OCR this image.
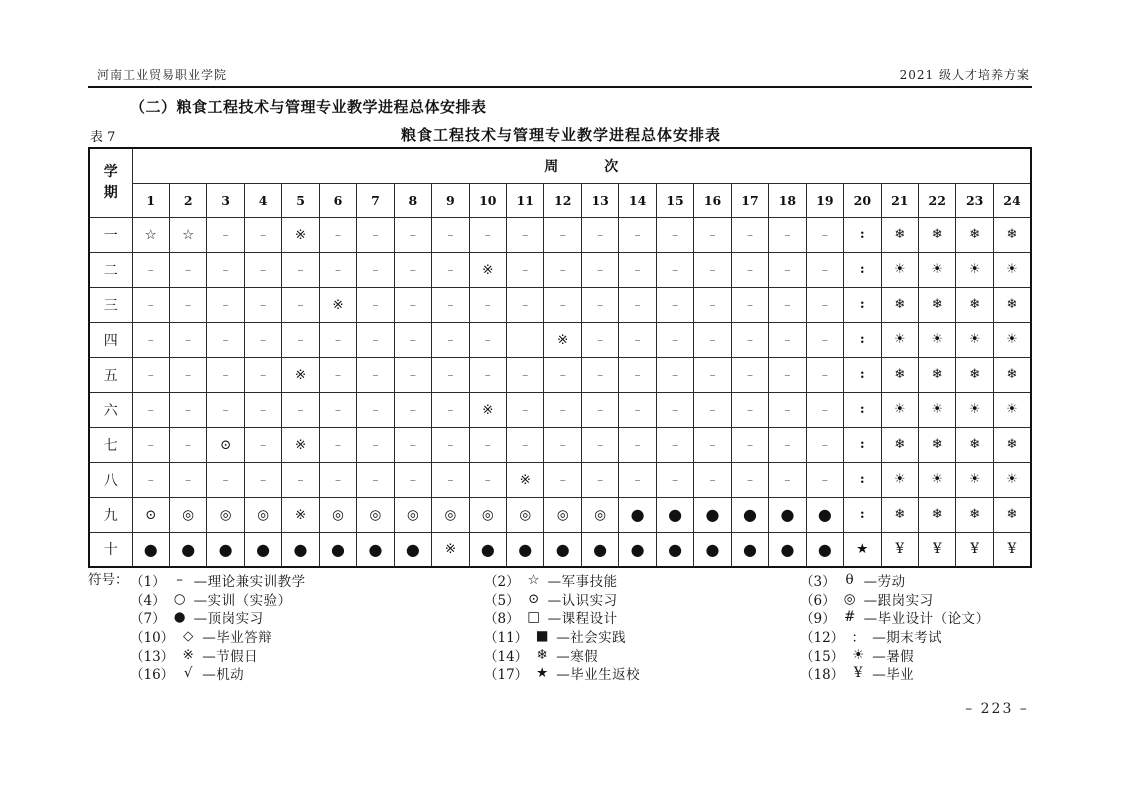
河南工业贸易职业学院	2021 级人才培养方案
（二）粮食工程技术与管理专业教学进程总体安排表
表 7	粮食工程技术与管理专业教学进程总体安排表
学期	周次																							
	1	2	3	4	5	6	7	8	9	10	11	12	13	14	15	16	17	18	19	20	21	22	23	24
一	☆	☆	–	–	※	–	–	–	–	–	–	–	–	–	–	–	–	–	–	:	❄	❄	❄	❄
二	–	–	–	–	–	–	–	–	–	※	–	–	–	–	–	–	–	–	–	:	☀	☀	☀	☀
三	–	–	–	–	–	※	–	–	–	–	–	–	–	–	–	–	–	–	–	:	❄	❄	❄	❄
四	–	–	–	–	–	–	–	–	–	–		※	–	–	–	–	–	–	–	:	☀	☀	☀	☀
五	–	–	–	–	※	–	–	–	–	–	–	–	–	–	–	–	–	–	–	:	❄	❄	❄	❄
六	–	–	–	–	–	–	–	–	–	※	–	–	–	–	–	–	–	–	–	:	☀	☀	☀	☀
七	–	–	⊙	–	※	–	–	–	–	–	–	–	–	–	–	–	–	–	–	:	❄	❄	❄	❄
八	–	–	–	–	–	–	–	–	–	–	※	–	–	–	–	–	–	–	–	:	☀	☀	☀	☀
九	⊙	◎	◎	◎	※	◎	◎	◎	◎	◎	◎	◎	◎	●	●	●	●	●	●	:	❄	❄	❄	❄
十	●	●	●	●	●	●	●	●	※	●	●	●	●	●	●	●	●	●	●	★	¥	¥	¥	¥
符号： （1） – —理论兼实训教学	（2） ☆ —军事技能	（3） θ —劳动
（4） ○ —实训（实验）	（5） ⊙ —认识实习	（6） ◎ —跟岗实习
（7） ● —顶岗实习	（8） □ —课程设计	（9） # —毕业设计（论文）
（10） ◇ —毕业答辩	（11） ■ —社会实践	（12） ： —期末考试
（13） ※ —节假日	（14） ❄ —寒假	（15） ☀ —暑假
（16） √ —机动	（17） ★ —毕业生返校	（18） ¥ —毕业
– 223 –
